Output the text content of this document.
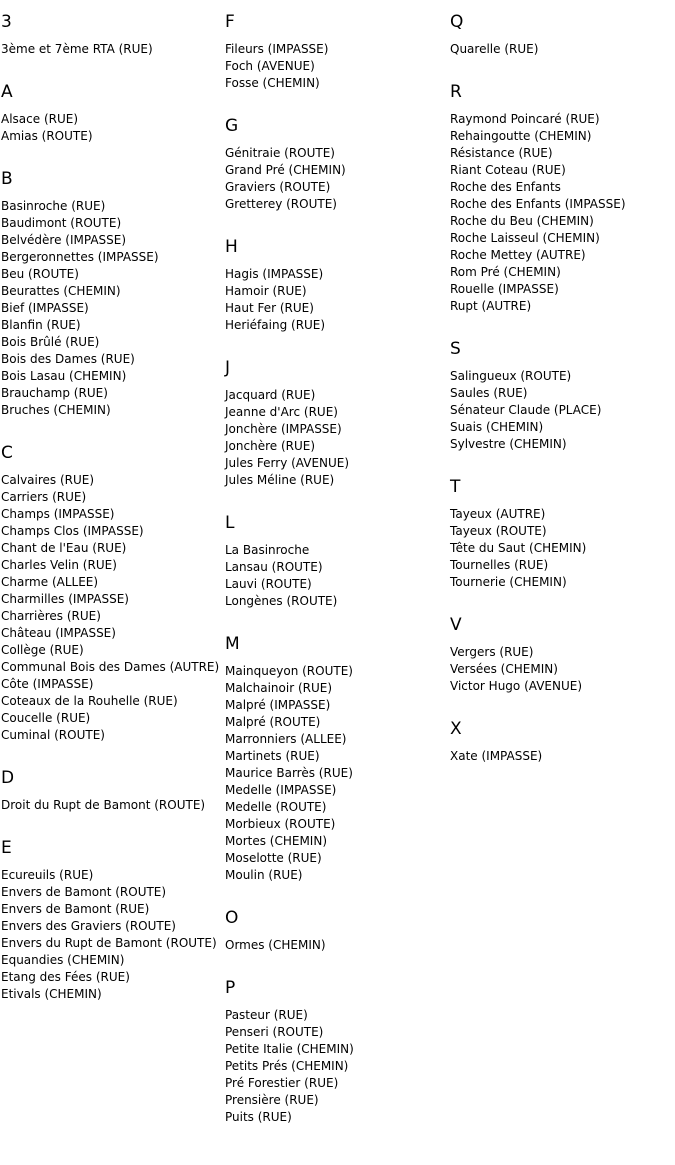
3
3ème et 7ème RTA (RUE)
A
Alsace (RUE)
Amias (ROUTE)
B
Basinroche (RUE)
Baudimont (ROUTE)
Belvédère (IMPASSE)
Bergeronnettes (IMPASSE)
Beu (ROUTE)
Beurattes (CHEMIN)
Bief (IMPASSE)
Blanfin (RUE)
Bois Brûlé (RUE)
Bois des Dames (RUE)
Bois Lasau (CHEMIN)
Brauchamp (RUE)
Bruches (CHEMIN)
C
Calvaires (RUE)
Carriers (RUE)
Champs (IMPASSE)
Champs Clos (IMPASSE)
Chant de l'Eau (RUE)
Charles Velin (RUE)
Charme (ALLEE)
Charmilles (IMPASSE)
Charrières (RUE)
Château (IMPASSE)
Collège (RUE)
Communal Bois des Dames (AUTRE)
Côte (IMPASSE)
Coteaux de la Rouhelle (RUE)
Coucelle (RUE)
Cuminal (ROUTE)
D
Droit du Rupt de Bamont (ROUTE)
E
Ecureuils (RUE)
Envers de Bamont (ROUTE)
Envers de Bamont (RUE)
Envers des Graviers (ROUTE)
Envers du Rupt de Bamont (ROUTE)
Equandies (CHEMIN)
Etang des Fées (RUE)
Etivals (CHEMIN)
F
Fileurs (IMPASSE)
Foch (AVENUE)
Fosse (CHEMIN)
G
Génitraie (ROUTE)
Grand Pré (CHEMIN)
Graviers (ROUTE)
Gretterey (ROUTE)
H
Hagis (IMPASSE)
Hamoir (RUE)
Haut Fer (RUE)
Heriéfaing (RUE)
J
Jacquard (RUE)
Jeanne d'Arc (RUE)
Jonchère (IMPASSE)
Jonchère (RUE)
Jules Ferry (AVENUE)
Jules Méline (RUE)
L
La Basinroche
Lansau (ROUTE)
Lauvi (ROUTE)
Longènes (ROUTE)
M
Mainqueyon (ROUTE)
Malchainoir (RUE)
Malpré (IMPASSE)
Malpré (ROUTE)
Marronniers (ALLEE)
Martinets (RUE)
Maurice Barrès (RUE)
Medelle (IMPASSE)
Medelle (ROUTE)
Morbieux (ROUTE)
Mortes (CHEMIN)
Moselotte (RUE)
Moulin (RUE)
O
Ormes (CHEMIN)
P
Pasteur (RUE)
Penseri (ROUTE)
Petite Italie (CHEMIN)
Petits Prés (CHEMIN)
Pré Forestier (RUE)
Prensière (RUE)
Puits (RUE)
Q
Quarelle (RUE)
R
Raymond Poincaré (RUE)
Rehaingoutte (CHEMIN)
Résistance (RUE)
Riant Coteau (RUE)
Roche des Enfants
Roche des Enfants (IMPASSE)
Roche du Beu (CHEMIN)
Roche Laisseul (CHEMIN)
Roche Mettey (AUTRE)
Rom Pré (CHEMIN)
Rouelle (IMPASSE)
Rupt (AUTRE)
S
Salingueux (ROUTE)
Saules (RUE)
Sénateur Claude (PLACE)
Suais (CHEMIN)
Sylvestre (CHEMIN)
T
Tayeux (AUTRE)
Tayeux (ROUTE)
Tête du Saut (CHEMIN)
Tournelles (RUE)
Tournerie (CHEMIN)
V
Vergers (RUE)
Versées (CHEMIN)
Victor Hugo (AVENUE)
X
Xate (IMPASSE)
